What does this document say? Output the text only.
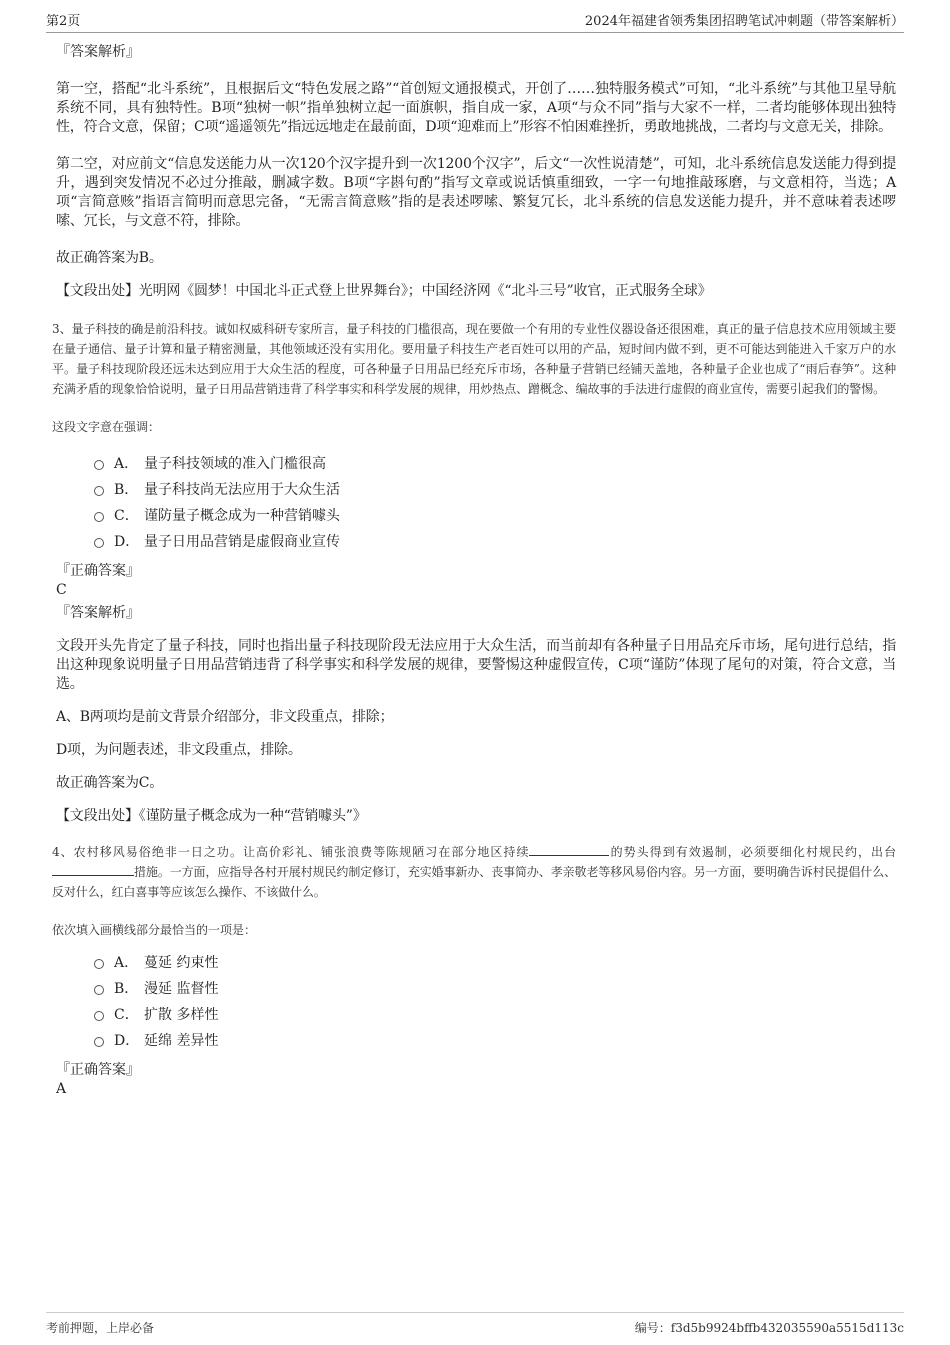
第2页	2024年福建省领秀集团招聘笔试冲刺题（带答案解析）

『答案解析』

第一空，搭配“北斗系统”，且根据后文“特色发展之路”“首创短文通报模式，开创了……独特服务模式”可知，“北斗系统”与其他卫星导航系统不同，具有独特性。B项“独树一帜”指单独树立起一面旗帜，指自成一家，A项“与众不同”指与大家不一样，二者均能够体现出独特性，符合文意，保留；C项“遥遥领先”指远远地走在最前面，D项“迎难而上”形容不怕困难挫折，勇敢地挑战，二者均与文意无关，排除。

第二空，对应前文“信息发送能力从一次120个汉字提升到一次1200个汉字”，后文“一次性说清楚”，可知，北斗系统信息发送能力得到提升，遇到突发情况不必过分推敲，删减字数。B项“字斟句酌”指写文章或说话慎重细致，一字一句地推敲琢磨，与文意相符，当选；A项“言简意赅”指语言简明而意思完备，“无需言简意赅”指的是表述啰嗦、繁复冗长，北斗系统的信息发送能力提升，并不意味着表述啰嗦、冗长，与文意不符，排除。

故正确答案为B。

【文段出处】光明网《圆梦！中国北斗正式登上世界舞台》；中国经济网《“北斗三号”收官，正式服务全球》

3、量子科技的确是前沿科技。诚如权威科研专家所言，量子科技的门槛很高，现在要做一个有用的专业性仪器设备还很困难，真正的量子信息技术应用领域主要在量子通信、量子计算和量子精密测量，其他领域还没有实用化。要用量子科技生产老百姓可以用的产品，短时间内做不到，更不可能达到能进入千家万户的水平。量子科技现阶段还远未达到应用于大众生活的程度，可各种量子日用品已经充斥市场，各种量子营销已经铺天盖地，各种量子企业也成了“雨后春笋”。这种充满矛盾的现象恰恰说明，量子日用品营销违背了科学事实和科学发展的规律，用炒热点、蹭概念、编故事的手法进行虚假的商业宣传，需要引起我们的警惕。

这段文字意在强调：

A． 量子科技领域的准入门槛很高
B． 量子科技尚无法应用于大众生活
C． 谨防量子概念成为一种营销噱头
D． 量子日用品营销是虚假商业宣传

『正确答案』

C

『答案解析』

文段开头先肯定了量子科技，同时也指出量子科技现阶段无法应用于大众生活，而当前却有各种量子日用品充斥市场，尾句进行总结，指出这种现象说明量子日用品营销违背了科学事实和科学发展的规律，要警惕这种虚假宣传，C项“谨防”体现了尾句的对策，符合文意，当选。

A、B两项均是前文背景介绍部分，非文段重点，排除；

D项，为问题表述，非文段重点，排除。

故正确答案为C。

【文段出处】《谨防量子概念成为一种“营销噱头”》

4、农村移风易俗绝非一日之功。让高价彩礼、铺张浪费等陈规陋习在部分地区持续	的势头得到有效遏制，必须要细化村规民约，出台措施。一方面，应指导各村开展村规民约制定修订，充实婚事新办、丧事简办、孝亲敬老等移风易俗内容。另一方面，要明确告诉村民提倡什么、反对什么，红白喜事等应该怎么操作、不该做什么。

依次填入画横线部分最恰当的一项是：

A． 蔓延 约束性
B． 漫延 监督性
C． 扩散 多样性
D． 延绵 差异性

『正确答案』

A

考前押题，上岸必备	编号：f3d5b9924bffb432035590a5515d113c
